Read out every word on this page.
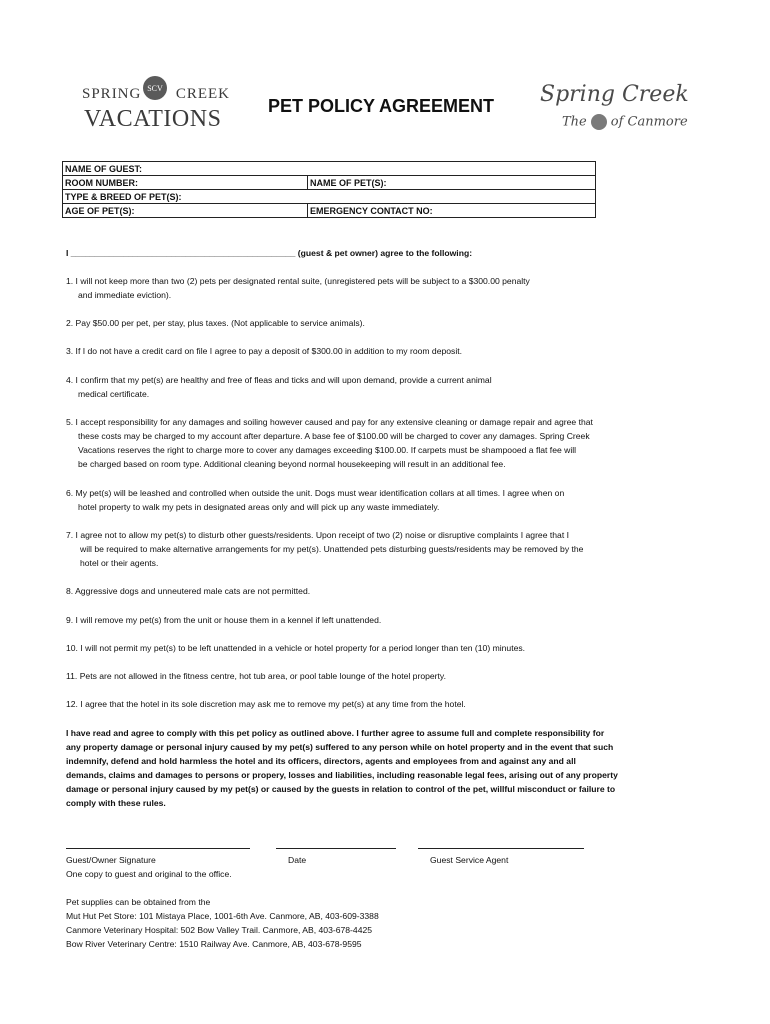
SPRING CREEK
SCV
VACATIONS	PET POLICY AGREEMENT Spring Creek
The of Canmore
NAME OF GUEST:	
ROOM NUMBER:	NAME OF PET(S):
TYPE & BREED OF PET(S):	
AGE OF PET(S):	EMERGENCY CONTACT NO:
I _______________________________________________ (guest & pet owner) agree to the following:

1. I will not keep more than two (2) pets per designated rental suite, (unregistered pets will be subject to a $300.00 penalty

and immediate eviction).

2. Pay $50.00 per pet, per stay, plus taxes. (Not applicable to service animals).

3. If I do not have a credit card on file I agree to pay a deposit of $300.00 in addition to my room deposit.

4. I confirm that my pet(s) are healthy and free of fleas and ticks and will upon demand, provide a current animal

medical certificate.

5. I accept responsibility for any damages and soiling however caused and pay for any extensive cleaning or damage repair and agree that

these costs may be charged to my account after departure. A base fee of $100.00 will be charged to cover any damages. Spring Creek

Vacations reserves the right to charge more to cover any damages exceeding $100.00. If carpets must be shampooed a flat fee will

be charged based on room type. Additional cleaning beyond normal housekeeping will result in an additional fee.

6. My pet(s) will be leashed and controlled when outside the unit. Dogs must wear identification collars at all times. I agree when on

hotel property to walk my pets in designated areas only and will pick up any waste immediately.

7. I agree not to allow my pet(s) to disturb other guests/residents. Upon receipt of two (2) noise or disruptive complaints I agree that I

will be required to make alternative arrangements for my pet(s). Unattended pets disturbing guests/residents may be removed by the

hotel or their agents.

8. Aggressive dogs and unneutered male cats are not permitted.

9. I will remove my pet(s) from the unit or house them in a kennel if left unattended.

10. I will not permit my pet(s) to be left unattended in a vehicle or hotel property for a period longer than ten (10) minutes.

11. Pets are not allowed in the fitness centre, hot tub area, or pool table lounge of the hotel property.

12. I agree that the hotel in its sole discretion may ask me to remove my pet(s) at any time from the hotel.

I have read and agree to comply with this pet policy as outlined above. I further agree to assume full and complete responsibility for

any property damage or personal injury caused by my pet(s) suffered to any person while on hotel property and in the event that such

indemnify, defend and hold harmless the hotel and its officers, directors, agents and employees from and against any and all

demands, claims and damages to persons or propery, losses and liabilities, including reasonable legal fees, arising out of any property

damage or personal injury caused by my pet(s) or caused by the guests in relation to control of the pet, willful misconduct or failure to

comply with these rules.

Guest/Owner Signature	Date	Guest Service Agent
One copy to guest and original to the office.

Pet supplies can be obtained from the

Mut Hut Pet Store: 101 Mistaya Place, 1001-6th Ave. Canmore, AB, 403-609-3388

Canmore Veterinary Hospital: 502 Bow Valley Trail. Canmore, AB, 403-678-4425

Bow River Veterinary Centre: 1510 Railway Ave. Canmore, AB, 403-678-9595
